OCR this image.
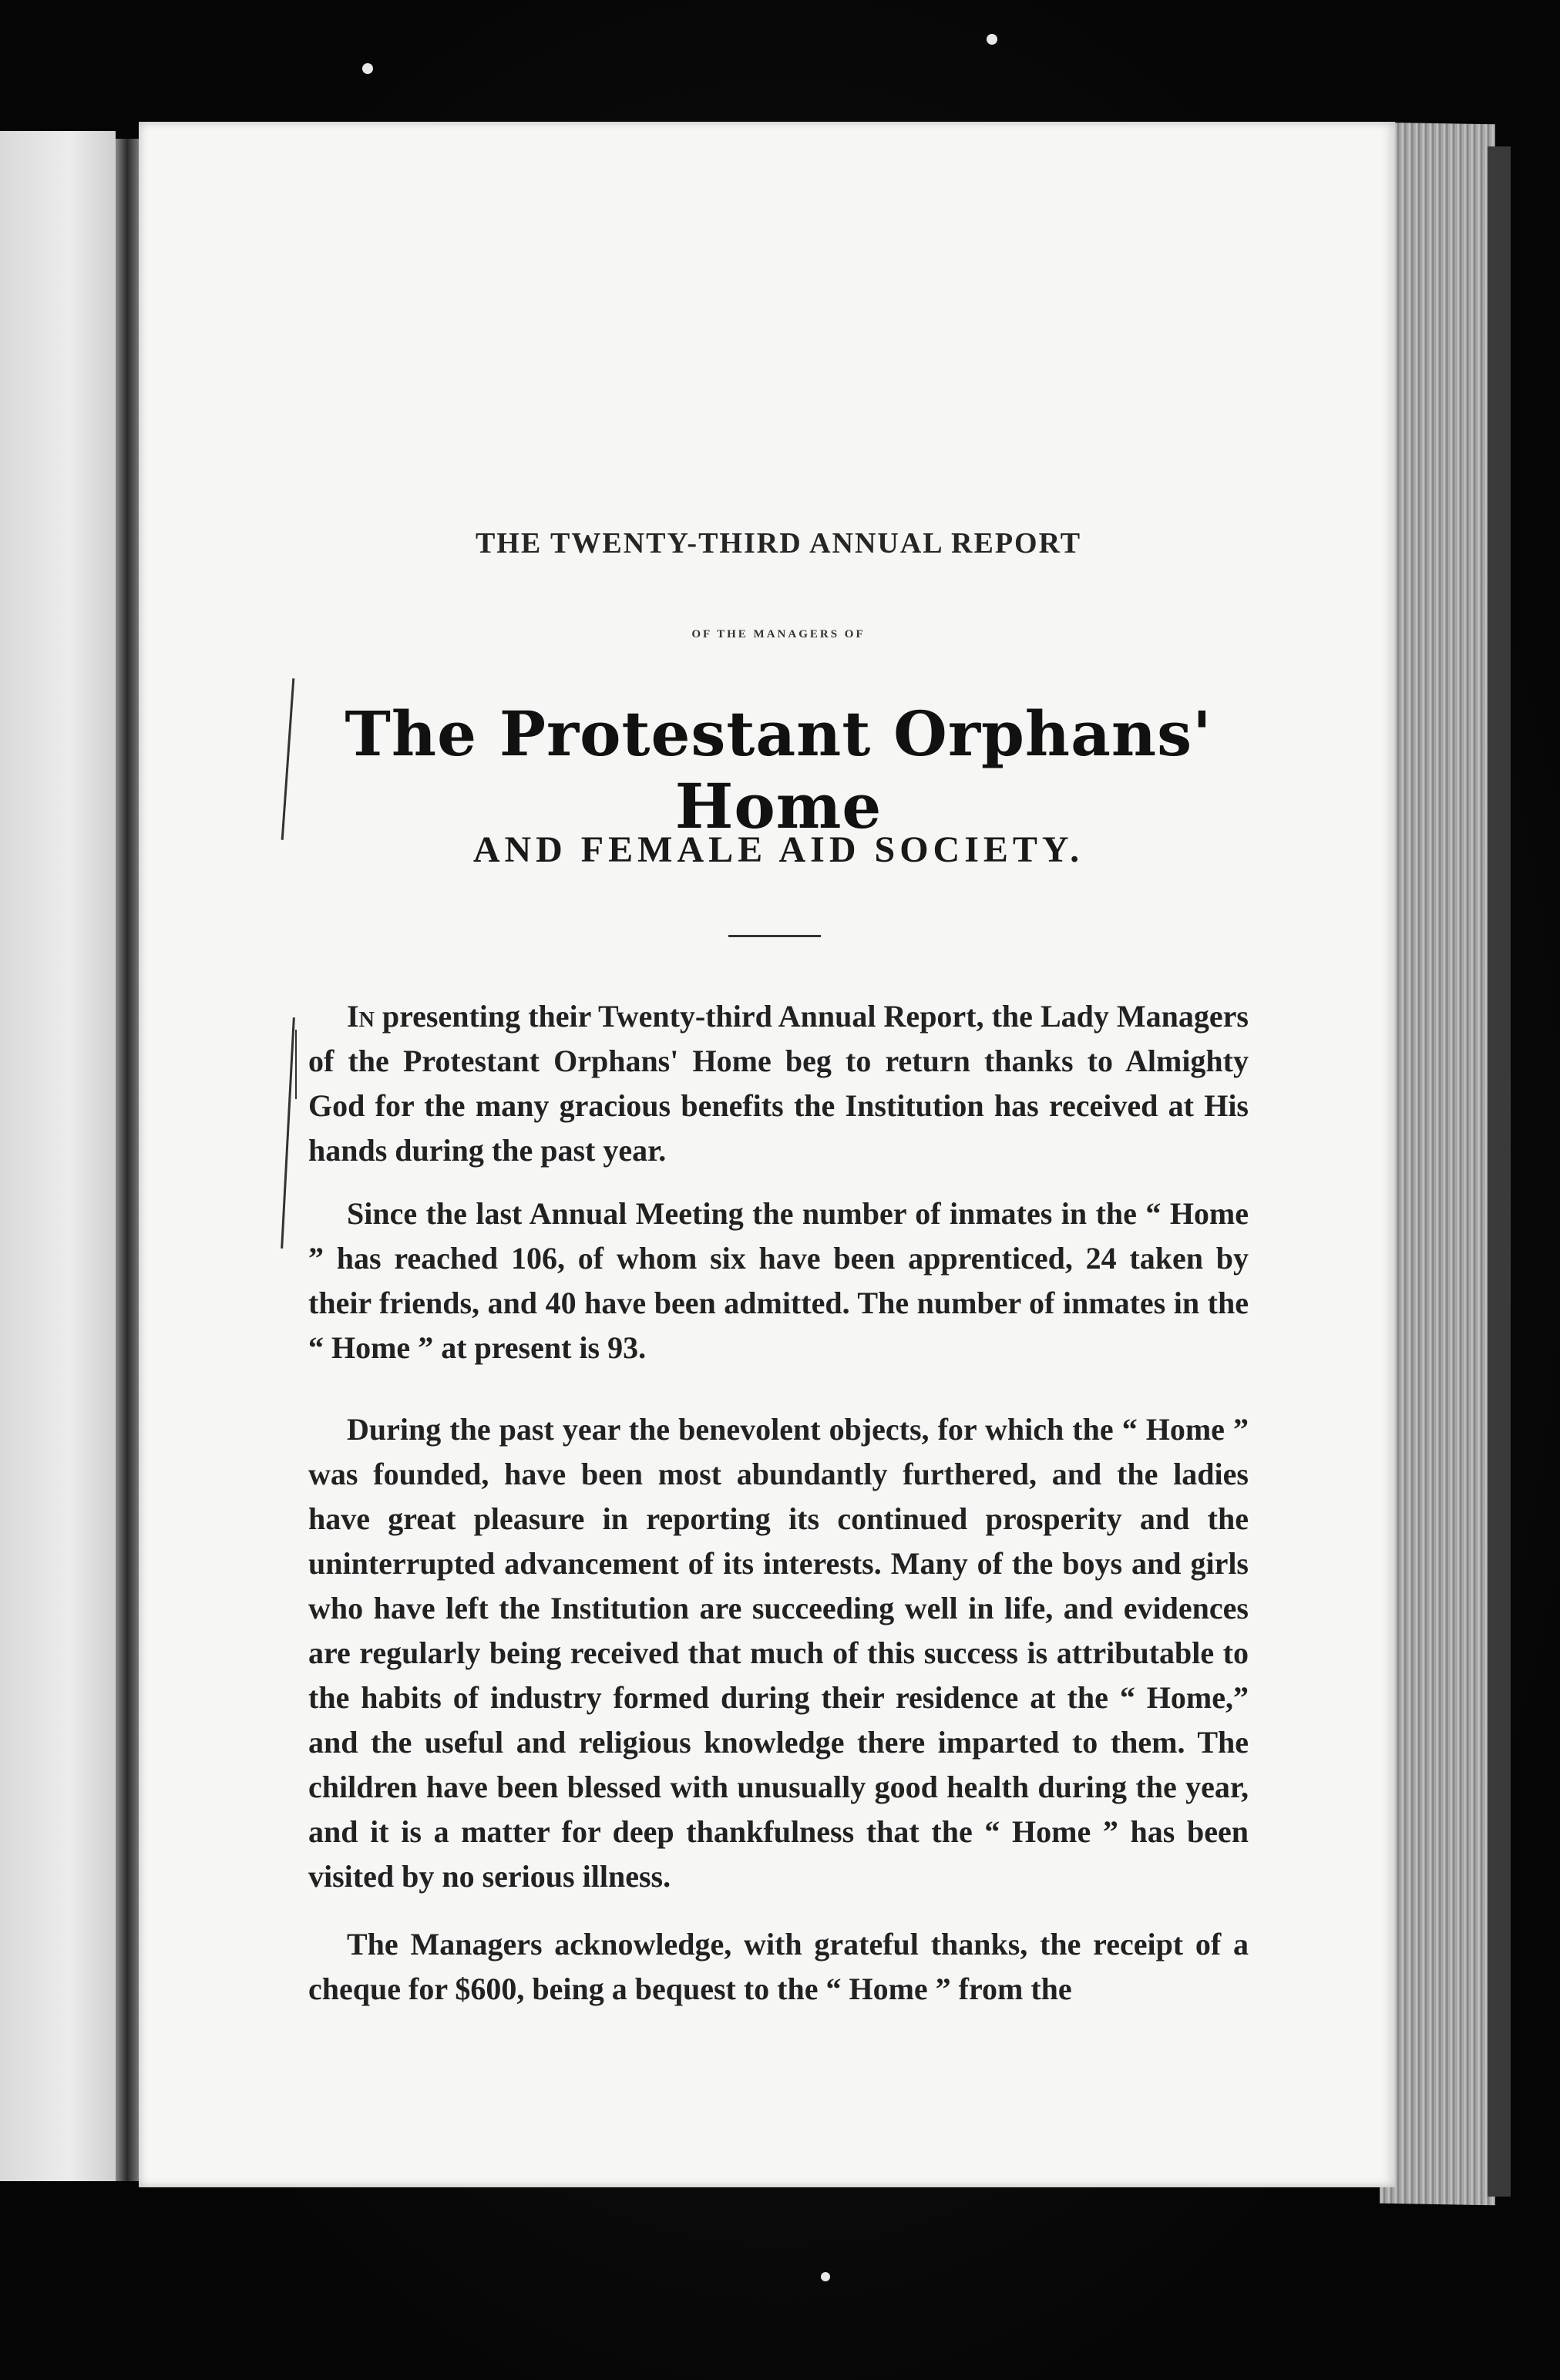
THE TWENTY-THIRD ANNUAL REPORT
OF THE MANAGERS OF
The Protestant Orphans' Home
AND FEMALE AID SOCIETY.

In presenting their Twenty-third Annual Report, the Lady Managers of the Protestant Orphans' Home beg to return thanks to Almighty God for the many gracious benefits the Institution has received at His hands during the past year.

Since the last Annual Meeting the number of inmates in the “ Home ” has reached 106, of whom six have been apprenticed, 24 taken by their friends, and 40 have been admitted. The number of inmates in the “ Home ” at present is 93.

During the past year the benevolent objects, for which the “ Home ” was founded, have been most abundantly furthered, and the ladies have great pleasure in reporting its continued prosperity and the uninterrupted advancement of its interests. Many of the boys and girls who have left the Institution are succeeding well in life, and evidences are regularly being received that much of this success is attributable to the habits of industry formed during their residence at the “ Home,” and the useful and religious knowledge there imparted to them. The children have been blessed with unusually good health during the year, and it is a matter for deep thankfulness that the “ Home ” has been visited by no serious illness.

The Managers acknowledge, with grateful thanks, the receipt of a cheque for $600, being a bequest to the “ Home ” from the
